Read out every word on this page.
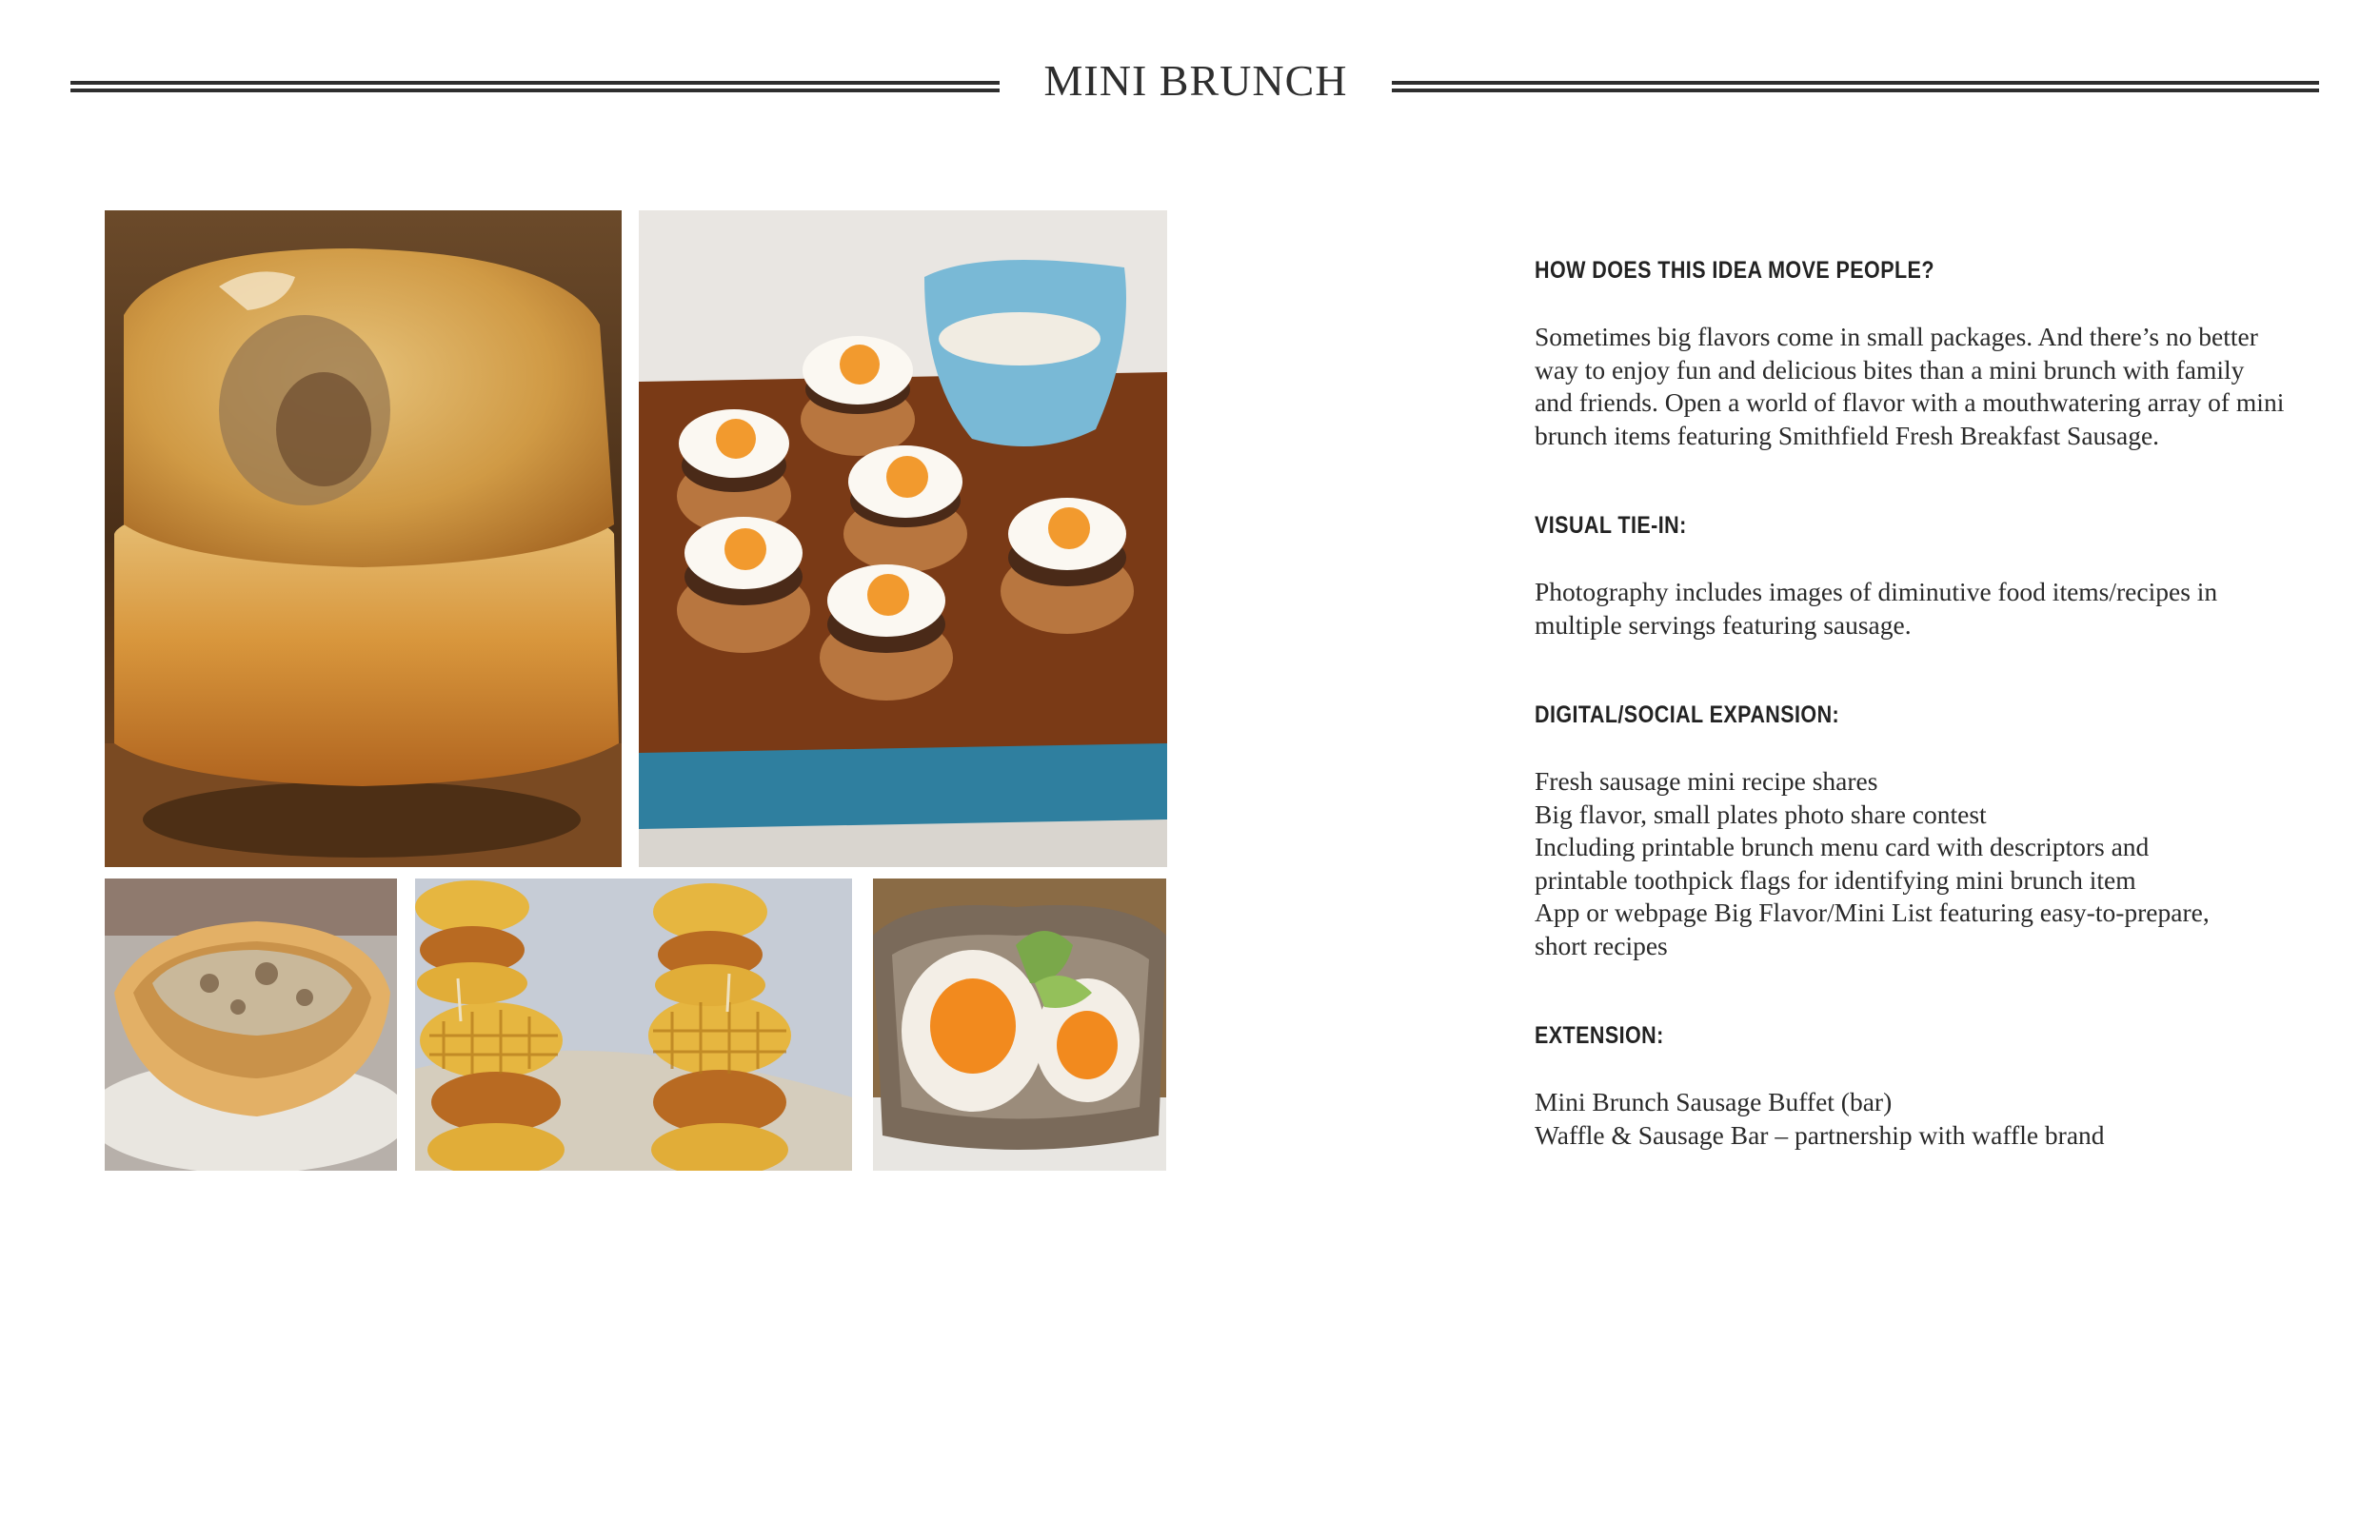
MINI BRUNCH
HOW DOES THIS IDEA MOVE PEOPLE?

Sometimes big flavors come in small packages. And there’s no better
way to enjoy fun and delicious bites than a mini brunch with family
and friends. Open a world of flavor with a mouthwatering array of mini
brunch items featuring Smithfield Fresh Breakfast Sausage.

VISUAL TIE-IN:

Photography includes images of diminutive food items/recipes in
multiple servings featuring sausage.

DIGITAL/SOCIAL EXPANSION:

Fresh sausage mini recipe shares
Big flavor, small plates photo share contest
Including printable brunch menu card with descriptors and
printable toothpick flags for identifying mini brunch item
App or webpage Big Flavor/Mini List featuring easy-to-prepare,
short recipes

EXTENSION:

Mini Brunch Sausage Buffet (bar)
Waffle & Sausage Bar – partnership with waffle brand
